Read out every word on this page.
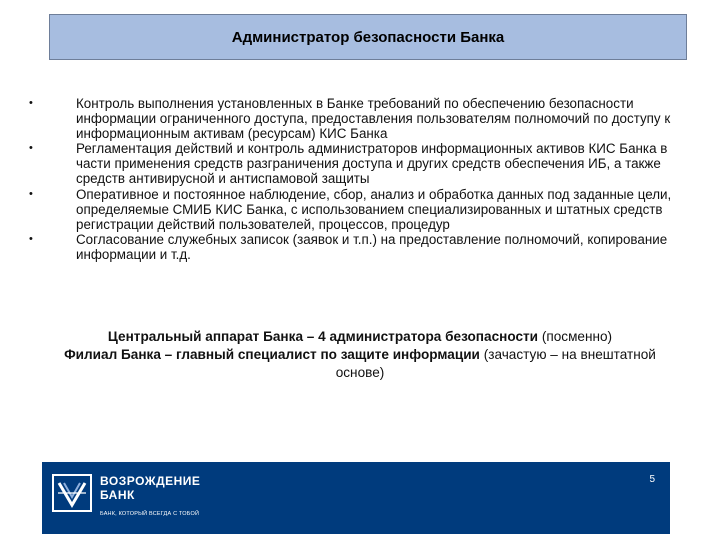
Администратор безопасности Банка
•	Контроль выполнения установленных в Банке требований по обеспечению безопасности информации ограниченного доступа, предоставления пользователям полномочий по доступу к информационным активам (ресурсам) КИС Банка
•	Регламентация действий и контроль администраторов информационных активов КИС Банка в части применения средств разграничения доступа и других средств обеспечения ИБ, а также средств антивирусной и антиспамовой защиты
•	Оперативное и постоянное наблюдение, сбор, анализ и обработка данных под заданные цели, определяемые СМИБ КИС Банка, с использованием специализированных и штатных средств регистрации действий пользователей, процессов, процедур
•	Согласование служебных записок (заявок и т.п.) на предоставление полномочий, копирование информации и т.д.
Центральный аппарат Банка – 4 администратора безопасности (посменно)
Филиал Банка – главный специалист по защите информации (зачастую – на внештатной основе)
ВОЗРОЖДЕНИЕ
БАНК
БАНК, КОТОРЫЙ ВСЕГДА С ТОБОЙ
5
